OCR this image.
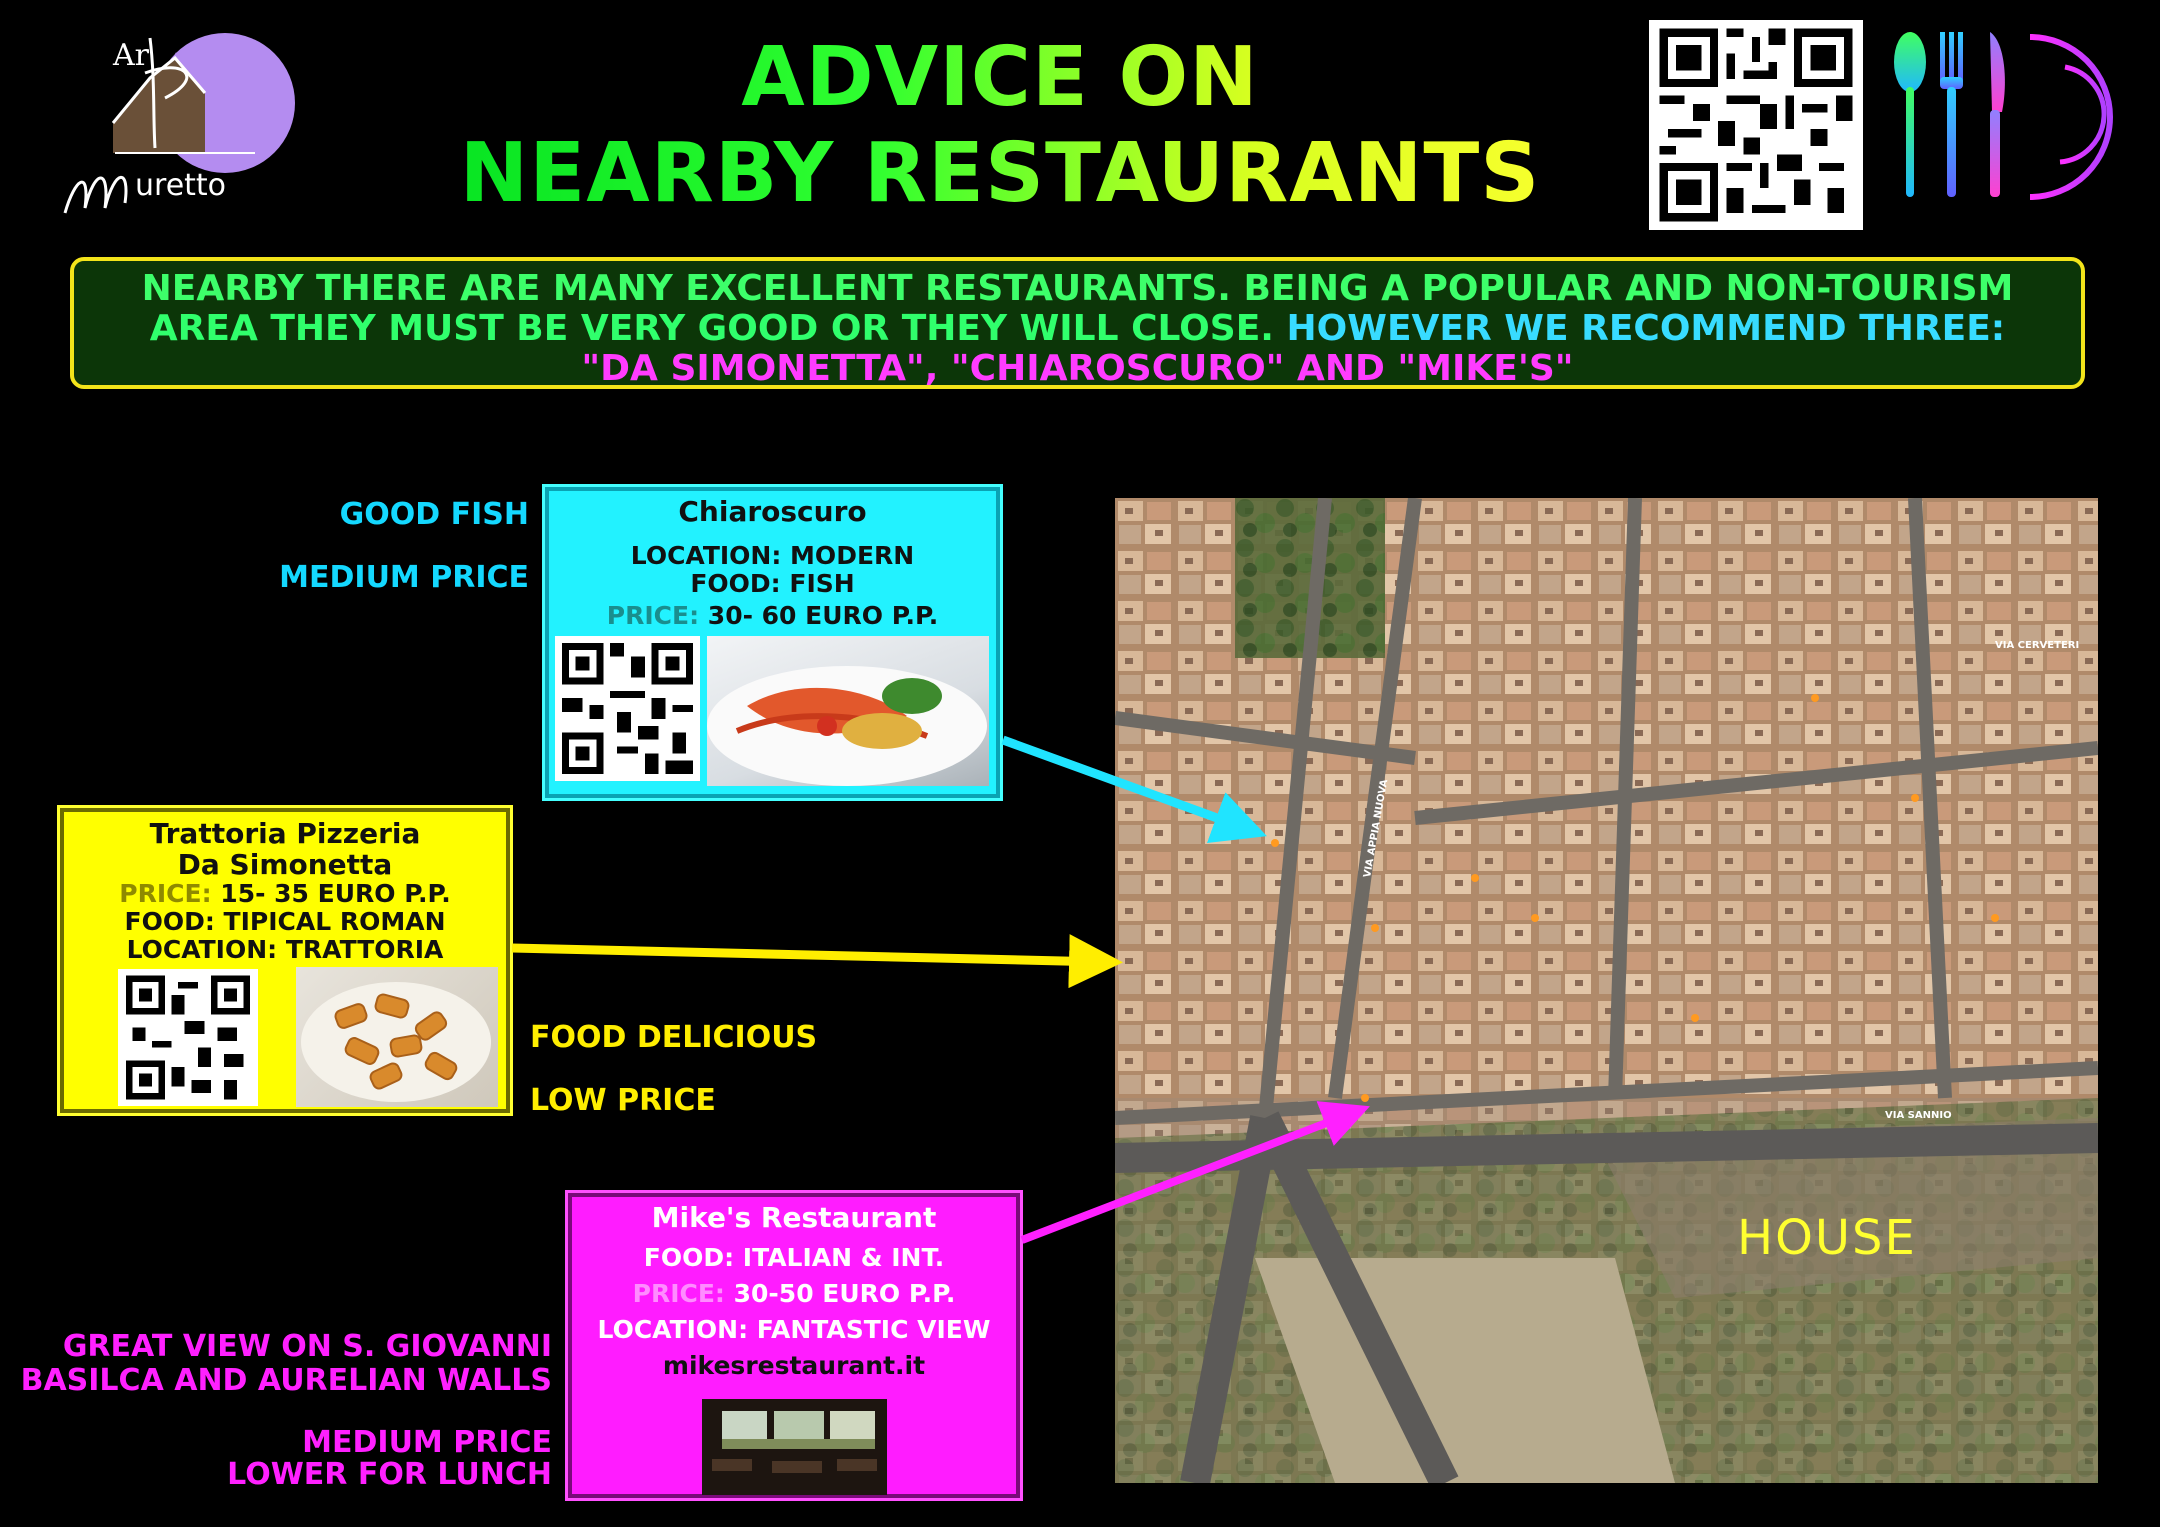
Ar
uretto
ADVICE ON
NEARBY RESTAURANTS
NEARBY THERE ARE MANY EXCELLENT RESTAURANTS. BEING A POPULAR AND NON-TOURISM
AREA THEY MUST BE VERY GOOD OR THEY WILL CLOSE. HOWEVER WE RECOMMEND THREE:
"DA SIMONETTA", "CHIAROSCURO" AND "MIKE'S"
GOOD FISH
MEDIUM PRICE
Chiaroscuro
LOCATION: MODERN
FOOD: FISH
PRICE: 30- 60 EURO P.P.
Trattoria Pizzeria
Da Simonetta
PRICE: 15- 35 EURO P.P.
FOOD: TIPICAL ROMAN
LOCATION: TRATTORIA
FOOD DELICIOUS
LOW PRICE
Mike's Restaurant
FOOD: ITALIAN & INT.
PRICE: 30-50 EURO P.P.
LOCATION: FANTASTIC VIEW
mikesrestaurant.it
GREAT VIEW ON S. GIOVANNI
BASILCA AND AURELIAN WALLS
MEDIUM PRICE
LOWER FOR LUNCH
VIA APPIA NUOVA
VIA CERVETERI
VIA SANNIO
HOUSE
